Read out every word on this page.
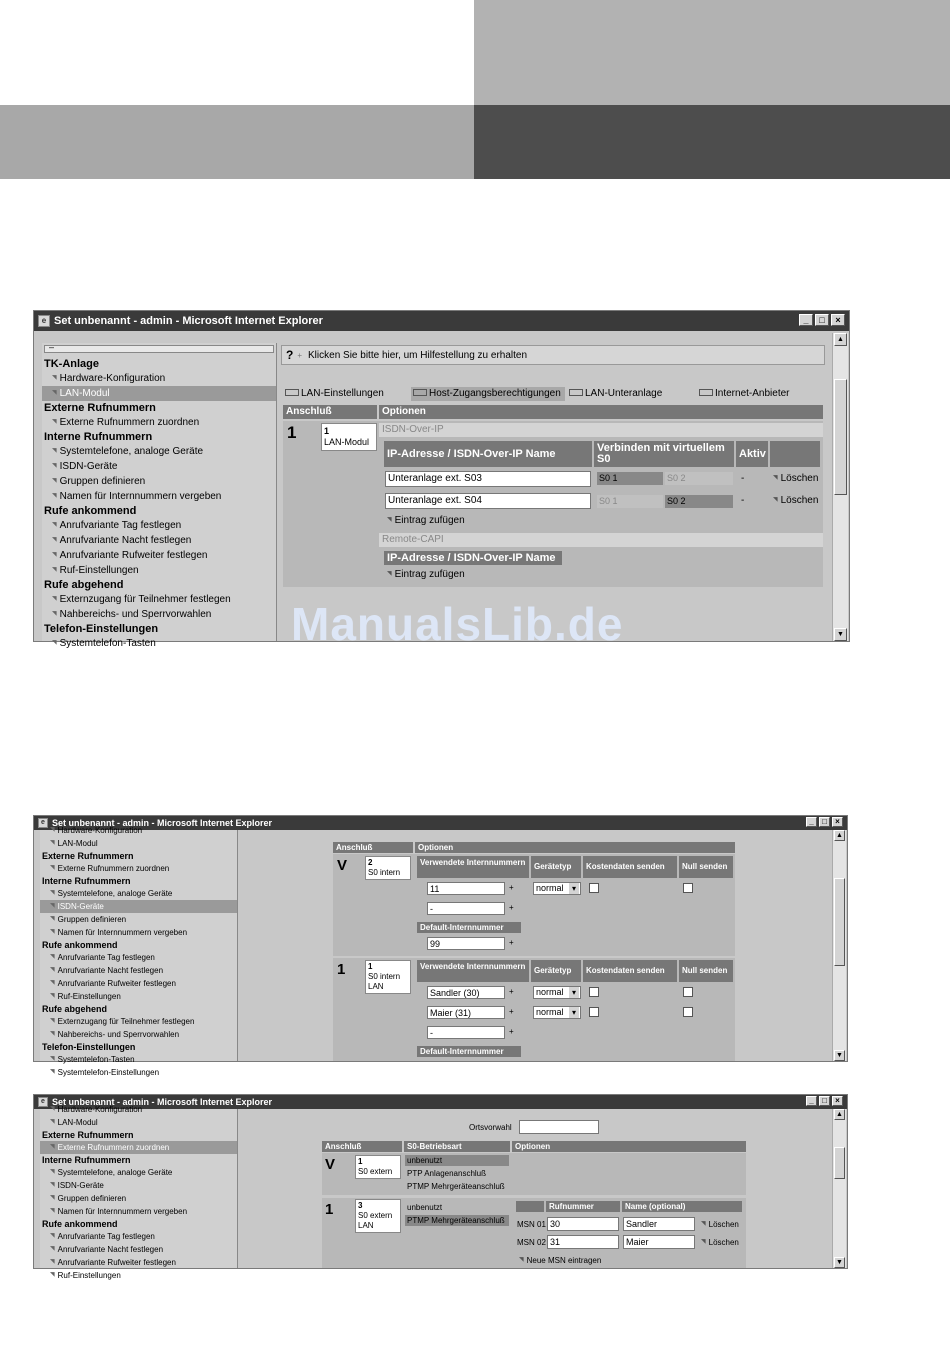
e Set unbenannt - admin - Microsoft Internet Explorer	_	□	×
–
TK-Anlage
◥ Hardware-Konfiguration
◥ LAN-Modul
Externe Rufnummern
◥ Externe Rufnummern zuordnen
Interne Rufnummern
◥ Systemtelefone, analoge Geräte
◥ ISDN-Geräte
◥ Gruppen definieren
◥ Namen für Internnummern vergeben
Rufe ankommend
◥ Anrufvariante Tag festlegen
◥ Anrufvariante Nacht festlegen
◥ Anrufvariante Rufweiter festlegen
◥ Ruf-Einstellungen
Rufe abgehend
◥ Externzugang für Teilnehmer festlegen
◥ Nahbereichs- und Sperrvorwahlen
Telefon-Einstellungen
◥ Systemtelefon-Tasten
? + Klicken Sie bitte hier, um Hilfestellung zu erhalten
LAN-Einstellungen	Host-Zugangsberechtigungen	LAN-Unteranlage	Internet-Anbieter
Anschluß	Optionen
1	1
LAN-Modul
ISDN-Over-IP
IP-Adresse / ISDN-Over-IP Name	Verbinden mit virtuellem S0	Aktiv
Unteranlage ext. S03	S0 1	S0 2	-	◥ Löschen
Unteranlage ext. S04	S0 1	S0 2	-	◥ Löschen
◥ Eintrag zufügen
Remote-CAPI
IP-Adresse / ISDN-Over-IP Name
◥ Eintrag zufügen
ManualsLib.de
▲
▼
e Set unbenannt - admin - Microsoft Internet Explorer	_	□	×
◥ Hardware-Konfiguration
◥ LAN-Modul
Externe Rufnummern
◥ Externe Rufnummern zuordnen
Interne Rufnummern
◥ Systemtelefone, analoge Geräte
◥ ISDN-Geräte
◥ Gruppen definieren
◥ Namen für Internnummern vergeben
Rufe ankommend
◥ Anrufvariante Tag festlegen
◥ Anrufvariante Nacht festlegen
◥ Anrufvariante Rufweiter festlegen
◥ Ruf-Einstellungen
Rufe abgehend
◥ Externzugang für Teilnehmer festlegen
◥ Nahbereichs- und Sperrvorwahlen
Telefon-Einstellungen
◥ Systemtelefon-Tasten
◥ Systemtelefon-Einstellungen
Anschluß	Optionen
V	2
S0 intern
Verwendete Internnummern	Gerätetyp	Kostendaten senden	Null senden
11	+	normal ▾
-	+
Default-Internnummer
99	+
1	1
S0 intern
LAN
Verwendete Internnummern	Gerätetyp	Kostendaten senden	Null senden
Sandler (30)	+	normal ▾
Maier (31)	+	normal ▾
-	+
Default-Internnummer
▲
▼
e Set unbenannt - admin - Microsoft Internet Explorer	_	□	×
◥ Hardware-Konfiguration
◥ LAN-Modul
Externe Rufnummern
◥ Externe Rufnummern zuordnen
Interne Rufnummern
◥ Systemtelefone, analoge Geräte
◥ ISDN-Geräte
◥ Gruppen definieren
◥ Namen für Internnummern vergeben
Rufe ankommend
◥ Anrufvariante Tag festlegen
◥ Anrufvariante Nacht festlegen
◥ Anrufvariante Rufweiter festlegen
◥ Ruf-Einstellungen
Ortsvorwahl
Anschluß	S0-Betriebsart	Optionen
V	1
S0 extern
unbenutzt
PTP Anlagenanschluß
PTMP Mehrgeräteanschluß
1	3
S0 extern
LAN
unbenutzt
PTMP Mehrgeräteanschluß
Rufnummer	Name (optional)
MSN 01 30	Sandler	◥ Löschen
MSN 02 31	Maier	◥ Löschen
◥ Neue MSN eintragen
▲
▼
